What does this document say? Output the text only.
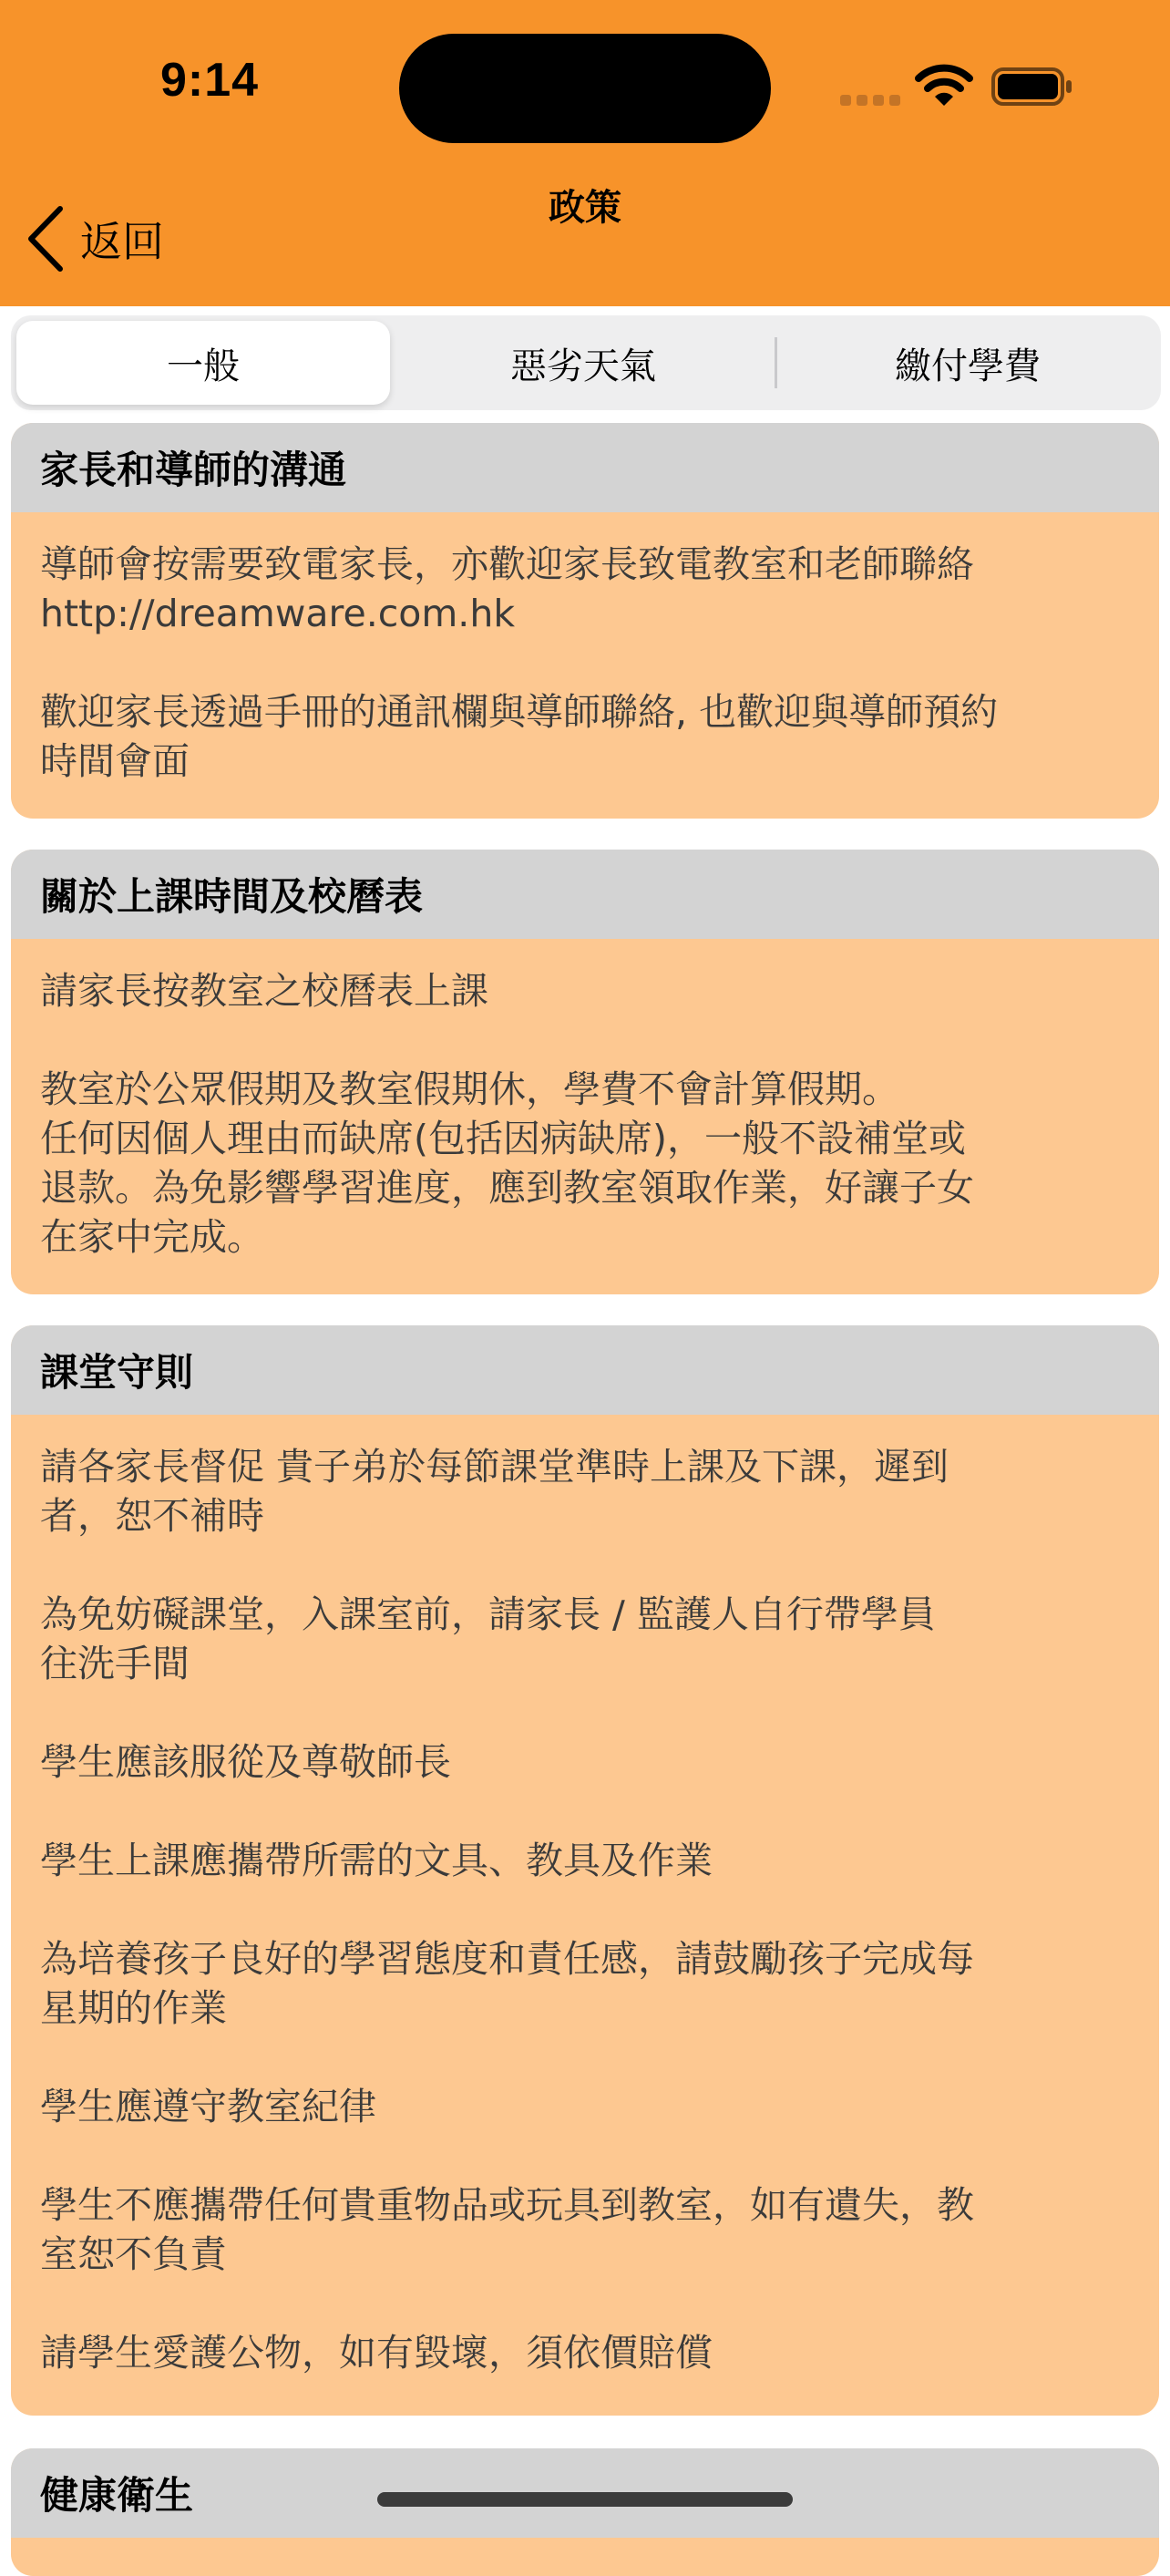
9:14
返回
政策
一般	惡劣天氣	繳付學費
家長和導師的溝通

導師會按需要致電家長，亦歡迎家長致電教室和老師聯絡
http://dreamware.com.hk

歡迎家長透過手冊的通訊欄與導師聯絡, 也歡迎與導師預約
時間會面

關於上課時間及校曆表

請家長按教室之校曆表上課

教室於公眾假期及教室假期休，學費不會計算假期。
任何因個人理由而缺席(包括因病缺席)，一般不設補堂或
退款。為免影響學習進度，應到教室領取作業，好讓子女
在家中完成。

課堂守則

請各家長督促 貴子弟於每節課堂準時上課及下課，遲到
者，恕不補時

為免妨礙課堂，入課室前，請家長 / 監護人自行帶學員
往洗手間

學生應該服從及尊敬師長

學生上課應攜帶所需的文具、教具及作業

為培養孩子良好的學習態度和責任感，請鼓勵孩子完成每
星期的作業

學生應遵守教室紀律

學生不應攜帶任何貴重物品或玩具到教室，如有遺失，教
室恕不負責

請學生愛護公物，如有毀壞，須依價賠償

健康衛生
